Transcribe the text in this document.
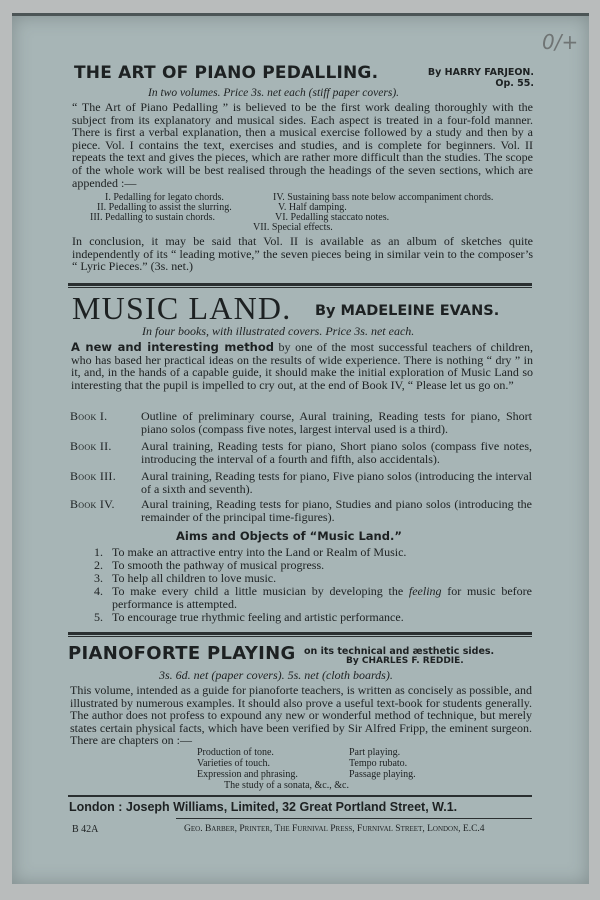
0/+
THE ART OF PIANO PEDALLING.	By HARRY FARJEON.
Op. 55.
In two volumes. Price 3s. net each (stiff paper covers).
“ The Art of Piano Pedalling ” is believed to be the first work dealing thoroughly with the subject from its explanatory and musical sides. Each aspect is treated in a four-fold manner. There is first a verbal explanation, then a musical exercise followed by a study and then by a piece. Vol. I contains the text, exercises and studies, and is complete for beginners. Vol. II repeats the text and gives the pieces, which are rather more difficult than the studies. The scope of the whole work will be best realised through the headings of the seven sections, which are appended :—
I. Pedalling for legato chords.	IV. Sustaining bass note below accompaniment chords.
II. Pedalling to assist the slurring.	V. Half damping.
III. Pedalling to sustain chords.	VI. Pedalling staccato notes.
VII. Special effects.
In conclusion, it may be said that Vol. II is available as an album of sketches quite independently of its “ leading motive,” the seven pieces being in similar vein to the composer’s “ Lyric Pieces.” (3s. net.)
MUSIC LAND. By MADELEINE EVANS.
In four books, with illustrated covers. Price 3s. net each.
A new and interesting method by one of the most successful teachers of children, who has based her practical ideas on the results of wide experience. There is nothing “ dry ” in it, and, in the hands of a capable guide, it should make the initial exploration of Music Land so interesting that the pupil is impelled to cry out, at the end of Book IV, “ Please let us go on.”
Book I.	Outline of preliminary course, Aural training, Reading tests for piano, Short piano solos (compass five notes, largest interval used is a third).
Book II.	Aural training, Reading tests for piano, Short piano solos (compass five notes, introducing the interval of a fourth and fifth, also accidentals).
Book III.	Aural training, Reading tests for piano, Five piano solos (introducing the interval of a sixth and seventh).
Book IV.	Aural training, Reading tests for piano, Studies and piano solos (introducing the remainder of the principal time-figures).
Aims and Objects of “Music Land.”
1. To make an attractive entry into the Land or Realm of Music.
2. To smooth the pathway of musical progress.
3. To help all children to love music.
4. To make every child a little musician by developing the feeling for music before performance is attempted.
5. To encourage true rhythmic feeling and artistic performance.
PIANOFORTE PLAYING on its technical and æsthetic sides.
By CHARLES F. REDDIE.
3s. 6d. net (paper covers). 5s. net (cloth boards).
This volume, intended as a guide for pianoforte teachers, is written as concisely as possible, and illustrated by numerous examples. It should also prove a useful text-book for students generally. The author does not profess to expound any new or wonderful method of technique, but merely states certain physical facts, which have been verified by Sir Alfred Fripp, the eminent surgeon. There are chapters on :—
Production of tone.	Part playing.
Varieties of touch.	Tempo rubato.
Expression and phrasing.	Passage playing.
The study of a sonata, &c., &c.
London : Joseph Williams, Limited, 32 Great Portland Street, W.1.
B 42A	Geo. Barber, Printer, The Furnival Press, Furnival Street, London, E.C.4
